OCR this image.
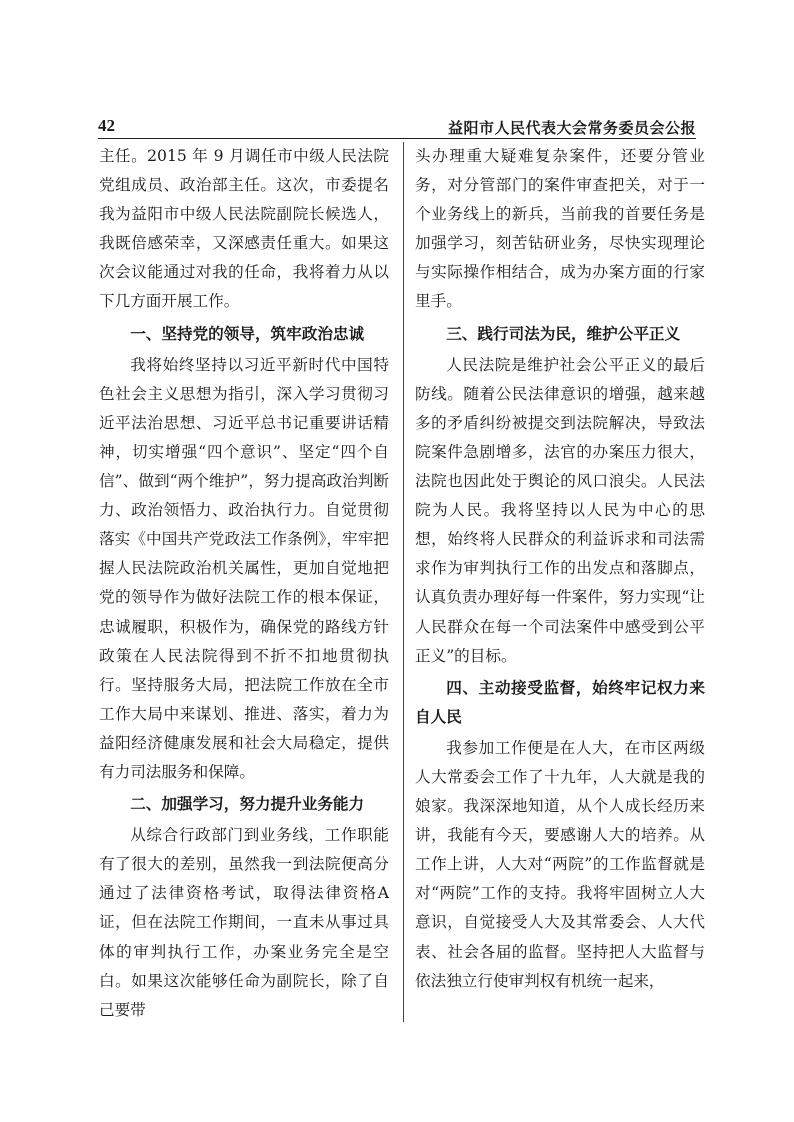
42	益阳市人民代表大会常务委员会公报

主任。2015 年 9 月调任市中级人民法院党组成员、政治部主任。这次，市委提名我为益阳市中级人民法院副院长候选人，我既倍感荣幸，又深感责任重大。如果这次会议能通过对我的任命，我将着力从以下几方面开展工作。

一、坚持党的领导，筑牢政治忠诚

我将始终坚持以习近平新时代中国特色社会主义思想为指引，深入学习贯彻习近平法治思想、习近平总书记重要讲话精神，切实增强“四个意识”、坚定“四个自信”、做到“两个维护”，努力提高政治判断力、政治领悟力、政治执行力。自觉贯彻落实《中国共产党政法工作条例》，牢牢把握人民法院政治机关属性，更加自觉地把党的领导作为做好法院工作的根本保证，忠诚履职，积极作为，确保党的路线方针政策在人民法院得到不折不扣地贯彻执行。坚持服务大局，把法院工作放在全市工作大局中来谋划、推进、落实，着力为益阳经济健康发展和社会大局稳定，提供有力司法服务和保障。

二、加强学习，努力提升业务能力

从综合行政部门到业务线，工作职能有了很大的差别，虽然我一到法院便高分通过了法律资格考试，取得法律资格A证，但在法院工作期间，一直未从事过具体的审判执行工作，办案业务完全是空白。如果这次能够任命为副院长，除了自己要带

头办理重大疑难复杂案件，还要分管业务，对分管部门的案件审查把关，对于一个业务线上的新兵，当前我的首要任务是加强学习，刻苦钻研业务，尽快实现理论与实际操作相结合，成为办案方面的行家里手。

三、践行司法为民，维护公平正义

人民法院是维护社会公平正义的最后防线。随着公民法律意识的增强，越来越多的矛盾纠纷被提交到法院解决，导致法院案件急剧增多，法官的办案压力很大，法院也因此处于舆论的风口浪尖。人民法院为人民。我将坚持以人民为中心的思想，始终将人民群众的利益诉求和司法需求作为审判执行工作的出发点和落脚点，认真负责办理好每一件案件，努力实现“让人民群众在每一个司法案件中感受到公平正义”的目标。

四、主动接受监督，始终牢记权力来自人民

我参加工作便是在人大，在市区两级人大常委会工作了十九年，人大就是我的娘家。我深深地知道，从个人成长经历来讲，我能有今天，要感谢人大的培养。从工作上讲，人大对“两院”的工作监督就是对“两院”工作的支持。我将牢固树立人大意识，自觉接受人大及其常委会、人大代表、社会各届的监督。坚持把人大监督与依法独立行使审判权有机统一起来，
